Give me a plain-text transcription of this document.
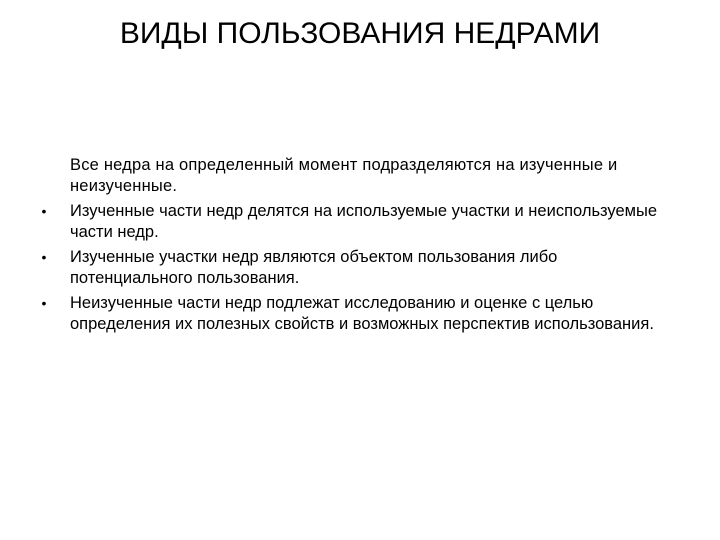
ВИДЫ ПОЛЬЗОВАНИЯ НЕДРАМИ

Все недра на определенный момент подразделяются на изученные и неизученные.

• Изученные части недр делятся на используемые участки и неиспользуемые части недр.

• Изученные участки недр являются объектом пользования либо потенциального пользования.

• Неизученные части недр подлежат исследованию и оценке с целью определения их полезных свойств и возможных перспектив использования.
